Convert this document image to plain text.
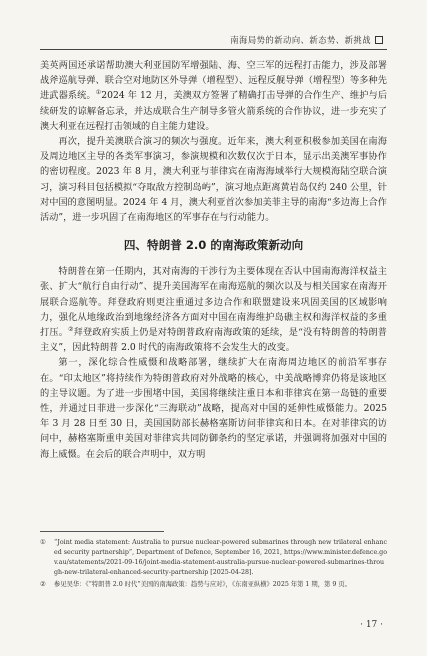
南海局势的新动向、新态势、新挑战

美英两国还承诺帮助澳大利亚国防军增强陆、海、空三军的远程打击能力，涉及部署战斧巡航导弹、联合空对地防区外导弹（增程型）、远程反舰导弹（增程型）等多种先进武器系统。①2024 年 12 月，美澳双方签署了精确打击导弹的合作生产、维护与后续研发的谅解备忘录，并达成联合生产制导多管火箭系统的合作协议，进一步充实了澳大利亚在远程打击领域的自主能力建设。

再次，提升美澳联合演习的频次与强度。近年来，澳大利亚积极参加美国在南海及周边地区主导的各类军事演习，参演规模和次数仅次于日本，显示出美澳军事协作的密切程度。2023 年 8 月，澳大利亚与菲律宾在南海海域举行大规模海陆空联合演习，演习科目包括模拟“夺取敌方控制岛屿”，演习地点距离黄岩岛仅约 240 公里，针对中国的意图明显。2024 年 4 月，澳大利亚首次参加美菲主导的南海“多边海上合作活动”，进一步巩固了在南海地区的军事存在与行动能力。

四、特朗普 2.0 的南海政策新动向

特朗普在第一任期内，其对南海的干涉行为主要体现在否认中国南海海洋权益主张、扩大“航行自由行动”、提升美国海军在南海巡航的频次以及与相关国家在南海开展联合巡航等。拜登政府则更注重通过多边合作和联盟建设来巩固美国的区域影响力，强化从地缘政治到地缘经济各方面对中国在南海维护岛礁主权和海洋权益的多重打压。②拜登政府实质上仍是对特朗普政府南海政策的延续，是“没有特朗普的特朗普主义”，因此特朗普 2.0 时代的南海政策将不会发生大的改变。

第一，深化综合性威慑和战略部署，继续扩大在南海周边地区的前沿军事存在。“印太地区”将持续作为特朗普政府对外战略的核心，中美战略博弈仍将是该地区的主导议题。为了进一步围堵中国，美国将继续注重日本和菲律宾在第一岛链的重要性，并通过日菲进一步深化“三海联动”战略，提高对中国的延伸性威慑能力。2025 年 3 月 28 日至 30 日，美国国防部长赫格塞斯访问菲律宾和日本。在对菲律宾的访问中，赫格塞斯重申美国对菲律宾共同防御条约的坚定承诺，并强调将加强对中国的海上威慑。在会后的联合声明中，双方明

① “Joint media statement: Australia to pursue nuclear-powered submarines through new trilateral enhanced security partnership”, Department of Defence, September 16, 2021, https://www.minister.defence.gov.au/statements/2021-09-16/joint-media-statement-australia-pursue-nuclear-powered-submarines-through-new-trilateral-enhanced-security-partnership [2025-04-28].
② 参见吴华：《“特朗普 2.0 时代”美国的南海政策：趋势与应对》，《东南亚纵横》2025 年第 1 期，第 9 页。
· 17 ·
